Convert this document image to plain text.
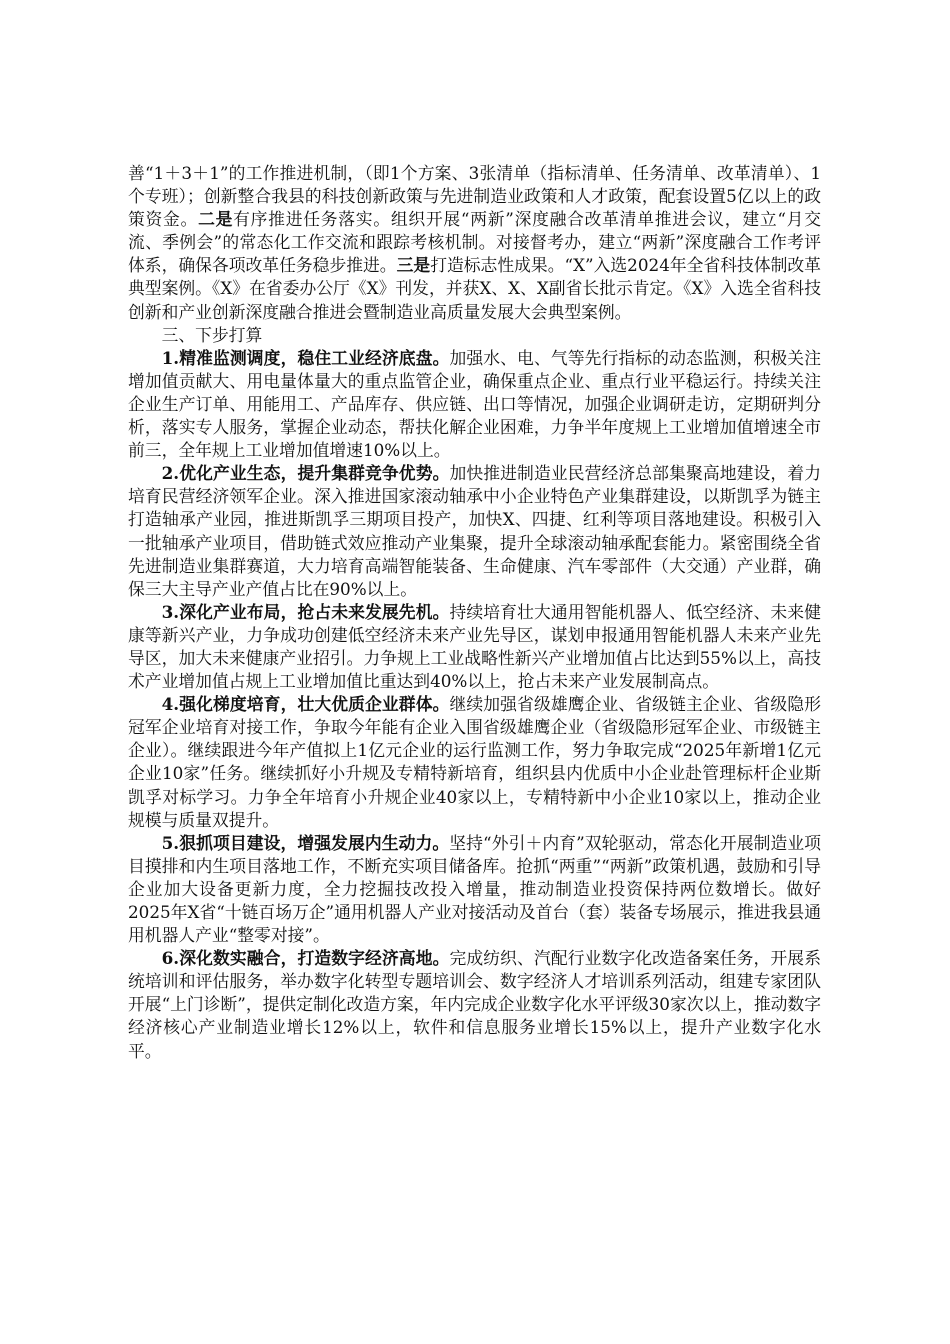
善“1＋3＋1”的工作推进机制，（即1个方案、3张清单（指标清单、任务清单、改革清单）、1个专班）；创新整合我县的科技创新政策与先进制造业政策和人才政策，配套设置5亿以上的政策资金。二是有序推进任务落实。组织开展“两新”深度融合改革清单推进会议，建立“月交流、季例会”的常态化工作交流和跟踪考核机制。对接督考办，建立“两新”深度融合工作考评体系，确保各项改革任务稳步推进。三是打造标志性成果。“X”入选2024年全省科技体制改革典型案例。《X》在省委办公厅《X》刊发，并获X、X、X副省长批示肯定。《X》入选全省科技创新和产业创新深度融合推进会暨制造业高质量发展大会典型案例。

三、下步打算

1.精准监测调度，稳住工业经济底盘。加强水、电、气等先行指标的动态监测，积极关注增加值贡献大、用电量体量大的重点监管企业，确保重点企业、重点行业平稳运行。持续关注企业生产订单、用能用工、产品库存、供应链、出口等情况，加强企业调研走访，定期研判分析，落实专人服务，掌握企业动态，帮扶化解企业困难，力争半年度规上工业增加值增速全市前三，全年规上工业增加值增速10%以上。

2.优化产业生态，提升集群竞争优势。加快推进制造业民营经济总部集聚高地建设，着力培育民营经济领军企业。深入推进国家滚动轴承中小企业特色产业集群建设，以斯凯孚为链主打造轴承产业园，推进斯凯孚三期项目投产，加快X、四捷、红利等项目落地建设。积极引入一批轴承产业项目，借助链式效应推动产业集聚，提升全球滚动轴承配套能力。紧密围绕全省先进制造业集群赛道，大力培育高端智能装备、生命健康、汽车零部件（大交通）产业群，确保三大主导产业产值占比在90%以上。

3.深化产业布局，抢占未来发展先机。持续培育壮大通用智能机器人、低空经济、未来健康等新兴产业，力争成功创建低空经济未来产业先导区，谋划申报通用智能机器人未来产业先导区，加大未来健康产业招引。力争规上工业战略性新兴产业增加值占比达到55%以上，高技术产业增加值占规上工业增加值比重达到40%以上，抢占未来产业发展制高点。

4.强化梯度培育，壮大优质企业群体。继续加强省级雄鹰企业、省级链主企业、省级隐形冠军企业培育对接工作，争取今年能有企业入围省级雄鹰企业（省级隐形冠军企业、市级链主企业）。继续跟进今年产值拟上1亿元企业的运行监测工作，努力争取完成“2025年新增1亿元企业10家”任务。继续抓好小升规及专精特新培育，组织县内优质中小企业赴管理标杆企业斯凯孚对标学习。力争全年培育小升规企业40家以上，专精特新中小企业10家以上，推动企业规模与质量双提升。

5.狠抓项目建设，增强发展内生动力。坚持“外引＋内育”双轮驱动，常态化开展制造业项目摸排和内生项目落地工作，不断充实项目储备库。抢抓“两重”“两新”政策机遇，鼓励和引导企业加大设备更新力度，全力挖掘技改投入增量，推动制造业投资保持两位数增长。做好2025年X省“十链百场万企”通用机器人产业对接活动及首台（套）装备专场展示，推进我县通用机器人产业“整零对接”。

6.深化数实融合，打造数字经济高地。完成纺织、汽配行业数字化改造备案任务，开展系统培训和评估服务，举办数字化转型专题培训会、数字经济人才培训系列活动，组建专家团队开展“上门诊断”，提供定制化改造方案，年内完成企业数字化水平评级30家次以上，推动数字经济核心产业制造业增长12%以上，软件和信息服务业增长15%以上，提升产业数字化水平。
